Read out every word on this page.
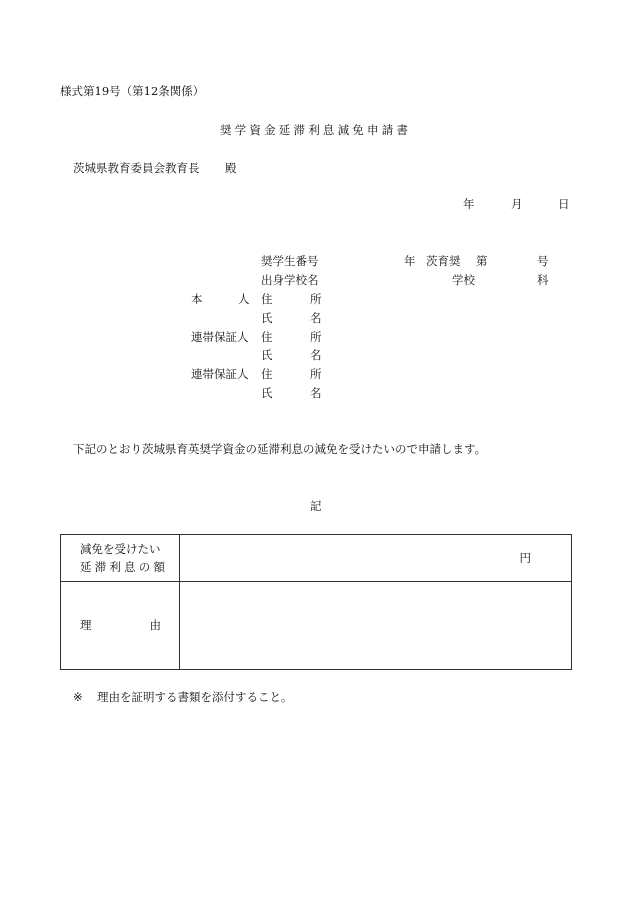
様式第19号（第12条関係）
奨学資金延滞利息減免申請書
茨城県教育委員会教育長 殿
年	月	日
奨学生番号	年 茨育奨 第	号
出身学校名	学校	科
本	人 住	所
氏	名
連帯保証人 住	所
氏	名
連帯保証人 住	所
氏	名
下記のとおり茨城県育英奨学資金の延滞利息の減免を受けたいので申請します。
記
減免を受けたい
延滞利息の額	円

理 由	

※ 理由を証明する書類を添付すること。
